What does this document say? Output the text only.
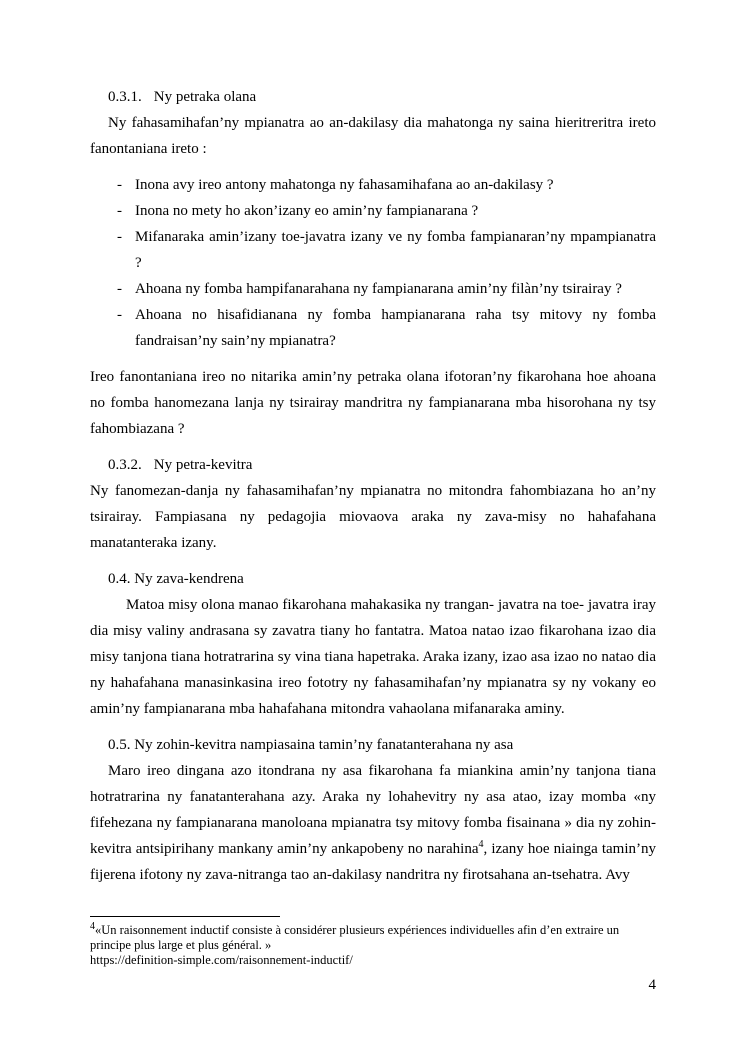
0.3.1. Ny petraka olana

Ny fahasamihafan’ny mpianatra ao an-dakilasy dia mahatonga ny saina hieritreritra ireto fanontaniana ireto :

- Inona avy ireo antony mahatonga ny fahasamihafana ao an-dakilasy ?
- Inona no mety ho akon’izany eo amin’ny fampianarana ?
- Mifanaraka amin’izany toe-javatra izany ve ny fomba fampianaran’ny mpampianatra ?
- Ahoana ny fomba hampifanarahana ny fampianarana amin’ny filàn’ny tsirairay ?
- Ahoana no hisafidianana ny fomba hampianarana raha tsy mitovy ny fomba fandraisan’ny sain’ny mpianatra?

Ireo fanontaniana ireo no nitarika amin’ny petraka olana ifotoran’ny fikarohana hoe ahoana no fomba hanomezana lanja ny tsirairay mandritra ny fampianarana mba hisorohana ny tsy fahombiazana ?

0.3.2. Ny petra-kevitra

Ny fanomezan-danja ny fahasamihafan’ny mpianatra no mitondra fahombiazana ho an’ny tsirairay. Fampiasana ny pedagojia miovaova araka ny zava-misy no hahafahana manatanteraka izany.

0.4. Ny zava-kendrena

Matoa misy olona manao fikarohana mahakasika ny trangan- javatra na toe- javatra iray dia misy valiny andrasana sy zavatra tiany ho fantatra. Matoa natao izao fikarohana izao dia misy tanjona tiana hotratrarina sy vina tiana hapetraka. Araka izany, izao asa izao no natao dia ny hahafahana manasinkasina ireo fototry ny fahasamihafan’ny mpianatra sy ny vokany eo amin’ny fampianarana mba hahafahana mitondra vahaolana mifanaraka aminy.

0.5. Ny zohin-kevitra nampiasaina tamin’ny fanatanterahana ny asa

Maro ireo dingana azo itondrana ny asa fikarohana fa miankina amin’ny tanjona tiana hotratrarina ny fanatanterahana azy. Araka ny lohahevitry ny asa atao, izay momba «ny fifehezana ny fampianarana manoloana mpianatra tsy mitovy fomba fisainana » dia ny zohin-kevitra antsipirihany mankany amin’ny ankapobeny no narahina$^4$, izany hoe niainga tamin’ny fijerena ifotony ny zava-nitranga tao an-dakilasy nandritra ny firotsahana an-tsehatra. Avy

$^4$«Un raisonnement inductif consiste à considérer plusieurs expériences individuelles afin d’en extraire un principe plus large et plus général. »
https://definition-simple.com/raisonnement-inductif/
4
